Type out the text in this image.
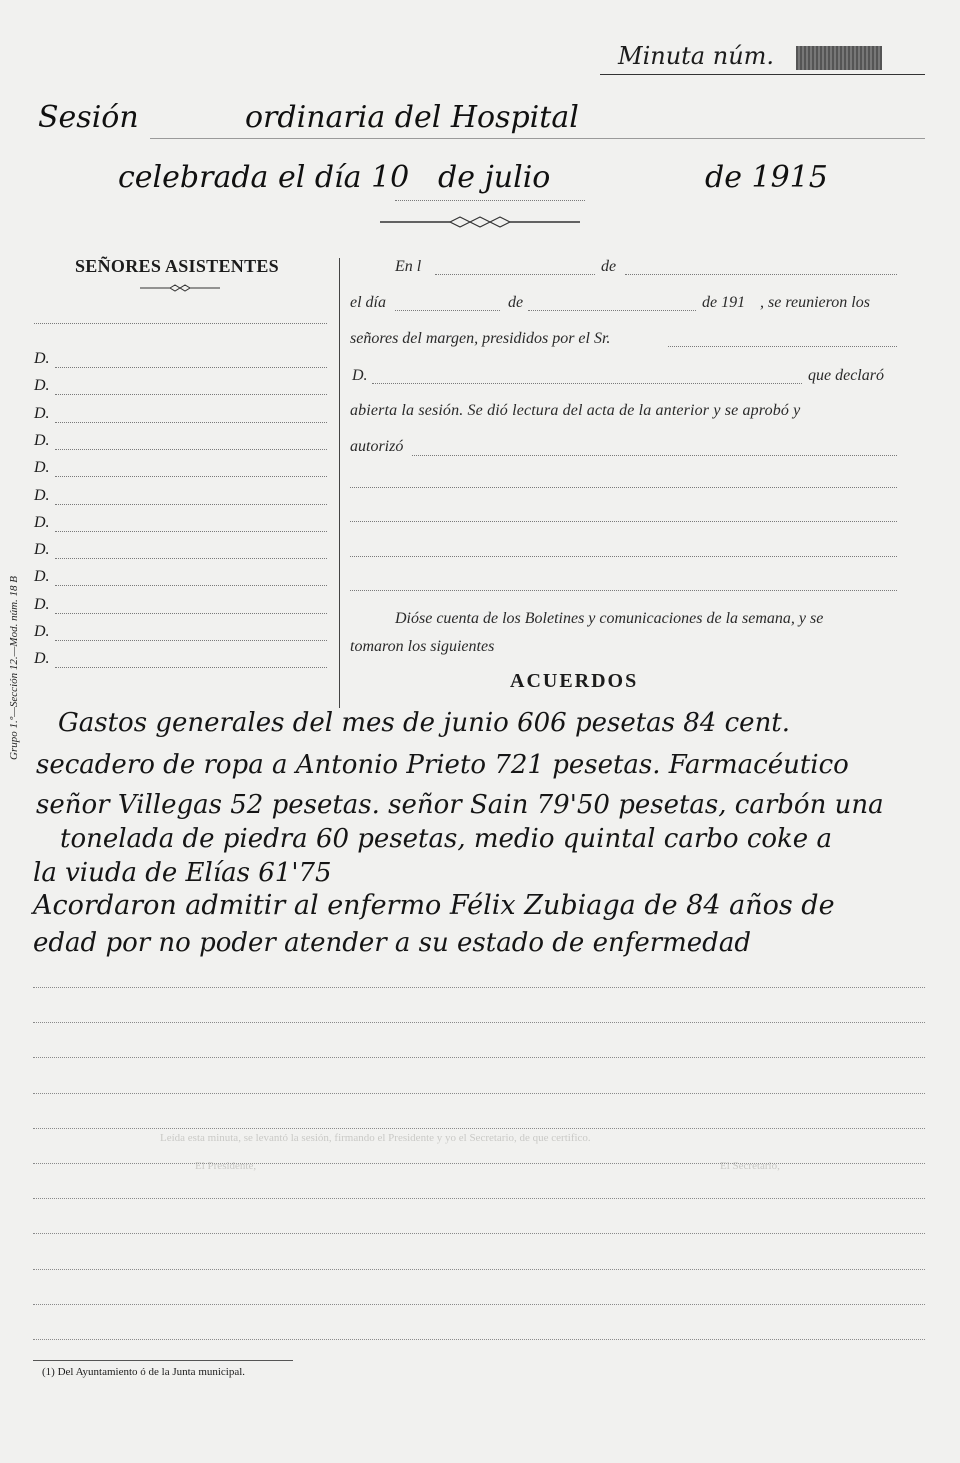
Minuta núm.
Sesión	ordinaria del Hospital
celebrada el día 10 de julio	de 1915
SEÑORES ASISTENTES	En l	de
el día	de	de 191 , se reunieron los
señores del margen, presididos por el Sr.
D.	que declaró
abierta la sesión. Se dió lectura del acta de la anterior y se aprobó y
autorizó
Dióse cuenta de los Boletines y comunicaciones de la semana, y se
tomaron los siguientes
ACUERDOS
Grupo 1.º—Sección 12.—Mod. núm. 18 B
Leída esta minuta, se levantó la sesión, firmando el Presidente y yo el Secretario, de que certifico.
El Presidente,	El Secretario,
(1) Del Ayuntamiento ó de la Junta municipal.
D.
D.
D.
D.
D.
D.
D.
D.
D.
D.
D.
D.
Gastos generales del mes de junio 606 pesetas 84 cent.
secadero de ropa a Antonio Prieto 721 pesetas. Farmacéutico
señor Villegas 52 pesetas. señor Sain 79'50 pesetas, carbón una
tonelada de piedra 60 pesetas, medio quintal carbo coke a
la viuda de Elías 61'75
Acordaron admitir al enfermo Félix Zubiaga de 84 años de
edad por no poder atender a su estado de enfermedad
